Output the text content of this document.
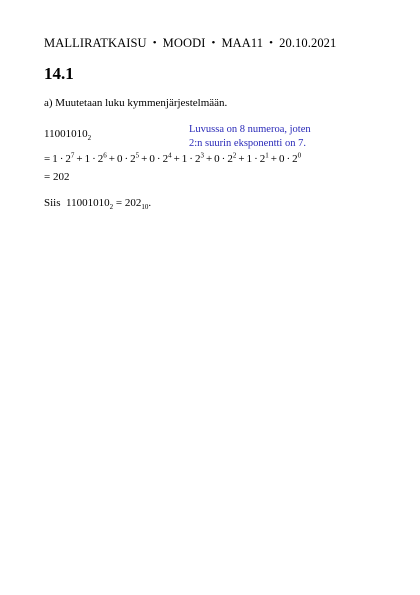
MALLIRATKAISU • MOODI • MAA11 • 20.10.2021
14.1
a) Muutetaan luku kymmenjärjestelmään.
$11001010_2$
Luvussa on 8 numeroa, joten
2:n suurin eksponentti on 7.
= $1 \cdot 2^7 + 1 \cdot 2^6 + 0 \cdot 2^5 + 0 \cdot 2^4 + 1 \cdot 2^3 + 0 \cdot 2^2 + 1 \cdot 2^1 + 0 \cdot 2^0$
= 202
Siis $11001010_2 = 202_{10}$.
